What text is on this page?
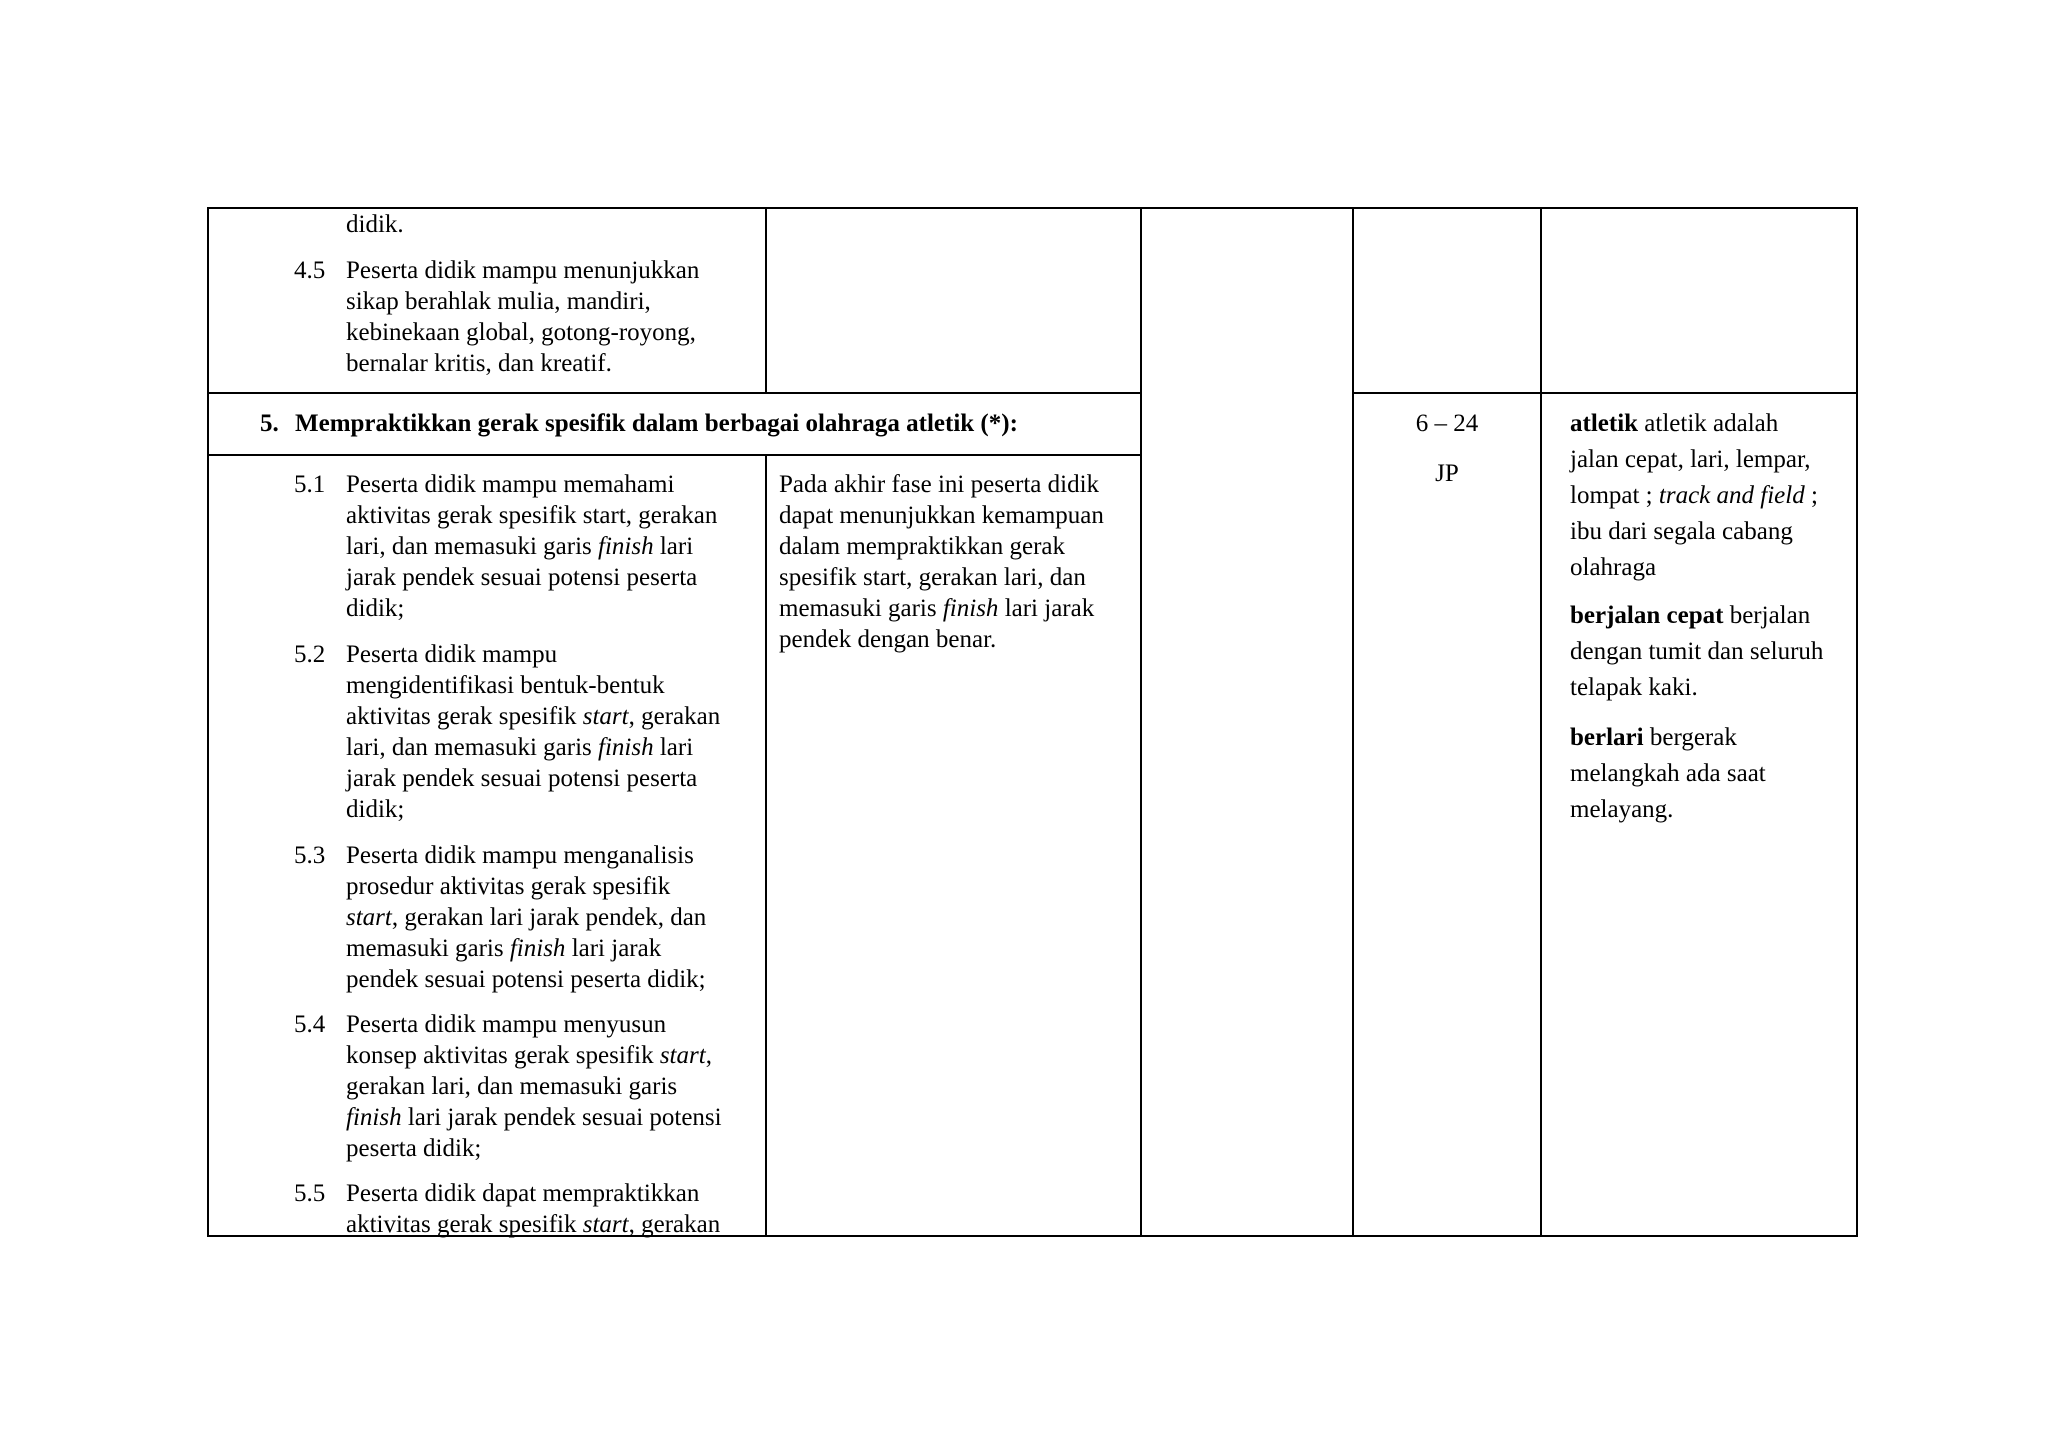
didik.
4.5 Peserta didik mampu menunjukkan
sikap berahlak mulia, mandiri,
kebinekaan global, gotong-royong,
bernalar kritis, dan kreatif.
5. Mempraktikkan gerak spesifik dalam berbagai olahraga atletik (*):	6 – 24
JP
5.1 Peserta didik mampu memahami
aktivitas gerak spesifik start, gerakan
lari, dan memasuki garis finish lari
jarak pendek sesuai potensi peserta
didik;
5.2 Peserta didik mampu
mengidentifikasi bentuk-bentuk
aktivitas gerak spesifik start, gerakan
lari, dan memasuki garis finish lari
jarak pendek sesuai potensi peserta
didik;
5.3 Peserta didik mampu menganalisis
prosedur aktivitas gerak spesifik
start, gerakan lari jarak pendek, dan
memasuki garis finish lari jarak
pendek sesuai potensi peserta didik;
5.4 Peserta didik mampu menyusun
konsep aktivitas gerak spesifik start,
gerakan lari, dan memasuki garis
finish lari jarak pendek sesuai potensi
peserta didik;
5.5 Peserta didik dapat mempraktikkan
aktivitas gerak spesifik start, gerakan
Pada akhir fase ini peserta didik
dapat menunjukkan kemampuan
dalam mempraktikkan gerak
spesifik start, gerakan lari, dan
memasuki garis finish lari jarak
pendek dengan benar.
atletik atletik adalah
jalan cepat, lari, lempar,
lompat ; track and field ;
ibu dari segala cabang
olahraga
berjalan cepat berjalan
dengan tumit dan seluruh
telapak kaki.
berlari bergerak
melangkah ada saat
melayang.
